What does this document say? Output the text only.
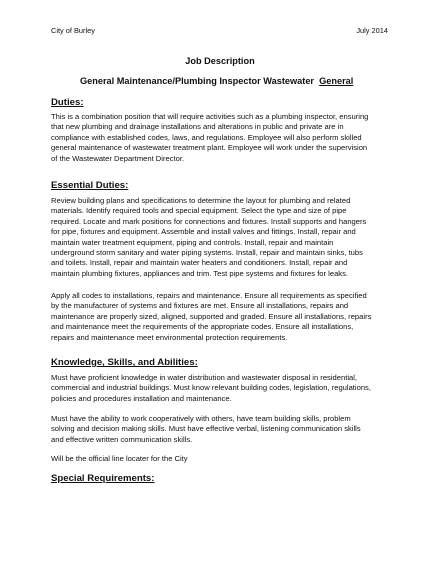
City of Burley	July 2014
Job Description
General Maintenance/Plumbing Inspector Wastewater General
Duties:
This is a combination position that will require activities such as a plumbing inspector, ensuring
that new plumbing and drainage installations and alterations in public and private are in
compliance with established codes, laws, and regulations. Employee will also perform skilled
general maintenance of wastewater treatment plant. Employee will work under the supervision
of the Wastewater Department Director.
Essential Duties:
Review building plans and specifications to determine the layout for plumbing and related
materials. Identify required tools and special equipment. Select the type and size of pipe
required. Locate and mark positions for connections and fixtures. Install supports and hangers
for pipe, fixtures and equipment. Assemble and install valves and fittings. Install, repair and
maintain water treatment equipment, piping and controls. Install, repair and maintain
underground storm sanitary and water piping systems. Install, repair and maintain sinks, tubs
and toilets. Install, repair and maintain water heaters and conditioners. Install, repair and
maintain plumbing fixtures, appliances and trim. Test pipe systems and fixtures for leaks.
Apply all codes to installations, repairs and maintenance. Ensure all requirements as specified
by the manufacturer of systems and fixtures are met. Ensure all installations, repairs and
maintenance are properly sized, aligned, supported and graded. Ensure all installations, repairs
and maintenance meet the requirements of the appropriate codes. Ensure all installations,
repairs and maintenance meet environmental protection requirements.
Knowledge, Skills, and Abilities:
Must have proficient knowledge in water distribution and wastewater disposal in residential,
commercial and industrial buildings. Must know relevant building codes, legislation, regulations,
policies and procedures installation and maintenance.
Must have the ability to work cooperatively with others, have team building skills, problem
solving and decision making skills. Must have effective verbal, listening communication skills
and effective written communication skills.
Will be the official line locater for the City
Special Requirements:
